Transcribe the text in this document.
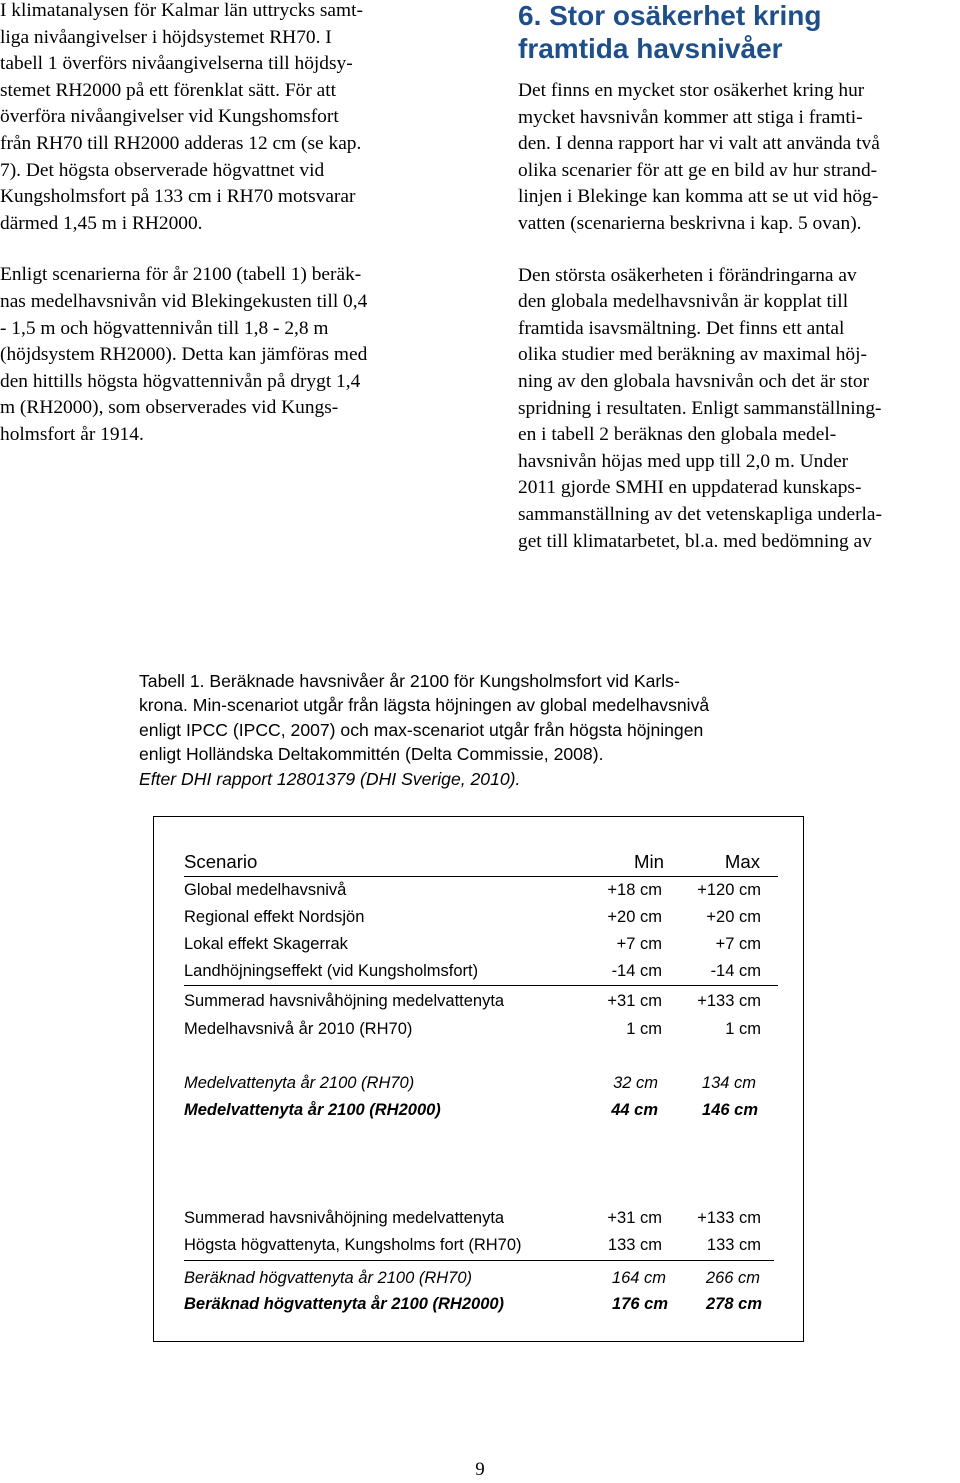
I klimatanalysen för Kalmar län uttrycks samt-
liga nivåangivelser i höjdsystemet RH70. I
tabell 1 överförs nivåangivelserna till höjdsy-
stemet RH2000 på ett förenklat sätt. För att
överföra nivåangivelser vid Kungshomsfort
från RH70 till RH2000 adderas 12 cm (se kap.
7). Det högsta observerade högvattnet vid
Kungsholmsfort på 133 cm i RH70 motsvarar
därmed 1,45 m i RH2000.

Enligt scenarierna för år 2100 (tabell 1) beräk-
nas medelhavsnivån vid Blekingekusten till 0,4
- 1,5 m och högvattennivån till 1,8 - 2,8 m
(höjdsystem RH2000). Detta kan jämföras med
den hittills högsta högvattennivån på drygt 1,4
m (RH2000), som observerades vid Kungs-
holmsfort år 1914.

6. Stor osäkerhet kring
framtida havsnivåer

Det finns en mycket stor osäkerhet kring hur
mycket havsnivån kommer att stiga i framti-
den. I denna rapport har vi valt att använda två
olika scenarier för att ge en bild av hur strand-
linjen i Blekinge kan komma att se ut vid hög-
vatten (scenarierna beskrivna i kap. 5 ovan).

Den största osäkerheten i förändringarna av
den globala medelhavsnivån är kopplat till
framtida isavsmältning. Det finns ett antal
olika studier med beräkning av maximal höj-
ning av den globala havsnivån och det är stor
spridning i resultaten. Enligt sammanställning-
en i tabell 2 beräknas den globala medel-
havsnivån höjas med upp till 2,0 m. Under
2011 gjorde SMHI en uppdaterad kunskaps-
sammanställning av det vetenskapliga underla-
get till klimatarbetet, bl.a. med bedömning av

Tabell 1. Beräknade havsnivåer år 2100 för Kungsholmsfort vid Karls-
krona. Min-scenariot utgår från lägsta höjningen av global medelhavsnivå
enligt IPCC (IPCC, 2007) och max-scenariot utgår från högsta höjningen
enligt Holländska Deltakommittén (Delta Commissie, 2008).
Efter DHI rapport 12801379 (DHI Sverige, 2010).

Scenario	Min	Max
Global medelhavsnivå	+18 cm +120 cm
Regional effekt Nordsjön	+20 cm	+20 cm
Lokal effekt Skagerrak	+7 cm	+7 cm
Landhöjningseffekt (vid Kungsholmsfort)	-14 cm	-14 cm
Summerad havsnivåhöjning medelvattenyta	+31 cm +133 cm
Medelhavsnivå år 2010 (RH70)	1 cm	1 cm
Medelvattenyta år 2100 (RH70)	32 cm	134 cm
Medelvattenyta år 2100 (RH2000)	44 cm	146 cm
Summerad havsnivåhöjning medelvattenyta	+31 cm +133 cm
Högsta högvattenyta, Kungsholms fort (RH70)	133 cm	133 cm
Beräknad högvattenyta år 2100 (RH70)	164 cm 266 cm
Beräknad högvattenyta år 2100 (RH2000)	176 cm 278 cm
9
